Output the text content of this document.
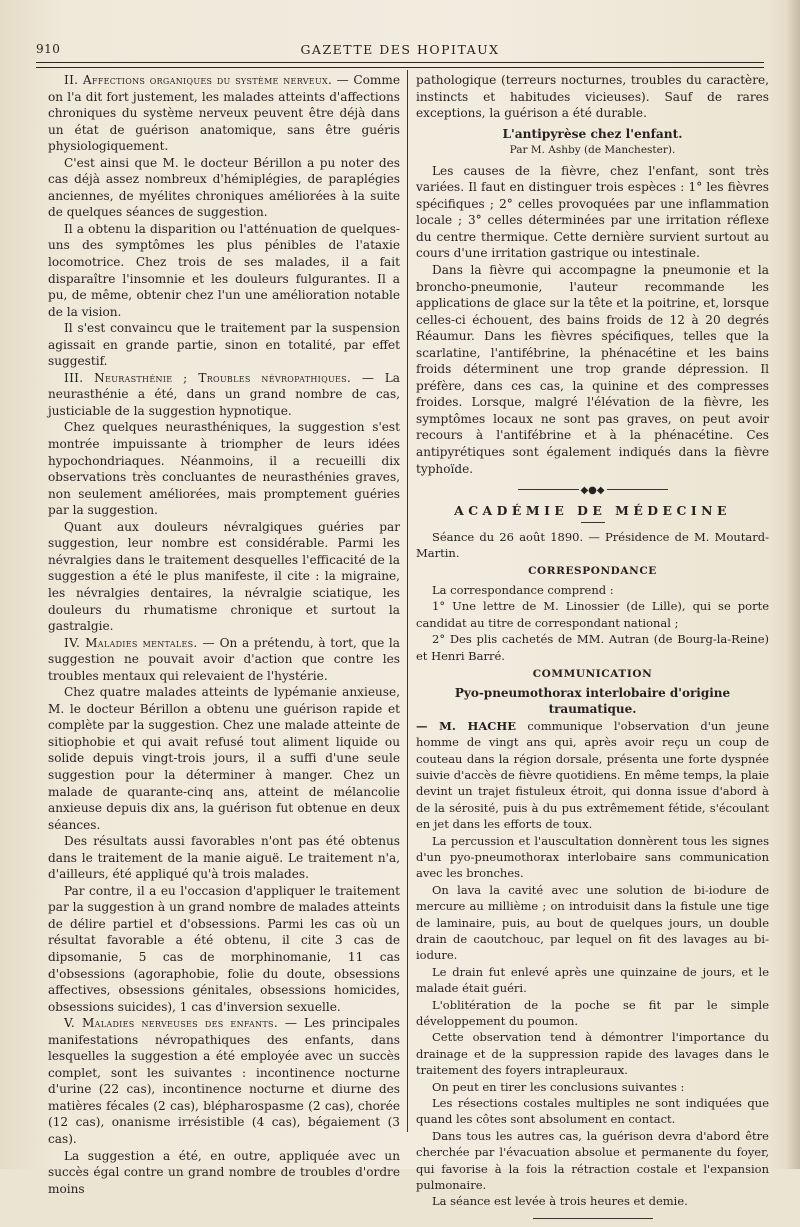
910	GAZETTE DES HOPITAUX

II. Affections organiques du système nerveux. — Comme on l'a dit fort justement, les malades atteints d'affections chroniques du système nerveux peuvent être déjà dans un état de guérison anatomique, sans être guéris physiologiquement.

C'est ainsi que M. le docteur Bérillon a pu noter des cas déjà assez nombreux d'hémiplégies, de paraplégies anciennes, de myélites chroniques améliorées à la suite de quelques séances de suggestion.

Il a obtenu la disparition ou l'atténuation de quelques-uns des symptômes les plus pénibles de l'ataxie locomotrice. Chez trois de ses malades, il a fait disparaître l'insomnie et les douleurs fulgurantes. Il a pu, de même, obtenir chez l'un une amélioration notable de la vision.

Il s'est convaincu que le traitement par la suspension agissait en grande partie, sinon en totalité, par effet suggestif.

III. Neurasthénie ; Troubles névropathiques. — La neurasthénie a été, dans un grand nombre de cas, justiciable de la suggestion hypnotique.

Chez quelques neurasthéniques, la suggestion s'est montrée impuissante à triompher de leurs idées hypochondriaques. Néanmoins, il a recueilli dix observations très concluantes de neurasthénies graves, non seulement améliorées, mais promptement guéries par la suggestion.

Quant aux douleurs névralgiques guéries par suggestion, leur nombre est considérable. Parmi les névralgies dans le traitement desquelles l'efficacité de la suggestion a été le plus manifeste, il cite : la migraine, les névralgies dentaires, la névralgie sciatique, les douleurs du rhumatisme chronique et surtout la gastralgie.

IV. Maladies mentales. — On a prétendu, à tort, que la suggestion ne pouvait avoir d'action que contre les troubles mentaux qui relevaient de l'hystérie.

Chez quatre malades atteints de lypémanie anxieuse, M. le docteur Bérillon a obtenu une guérison rapide et complète par la suggestion. Chez une malade atteinte de sitiophobie et qui avait refusé tout aliment liquide ou solide depuis vingt-trois jours, il a suffi d'une seule suggestion pour la déterminer à manger. Chez un malade de quarante-cinq ans, atteint de mélancolie anxieuse depuis dix ans, la guérison fut obtenue en deux séances.

Des résultats aussi favorables n'ont pas été obtenus dans le traitement de la manie aiguë. Le traitement n'a, d'ailleurs, été appliqué qu'à trois malades.

Par contre, il a eu l'occasion d'appliquer le traitement par la suggestion à un grand nombre de malades atteints de délire partiel et d'obsessions. Parmi les cas où un résultat favorable a été obtenu, il cite 3 cas de dipsomanie, 5 cas de morphinomanie, 11 cas d'obsessions (agoraphobie, folie du doute, obsessions affectives, obsessions génitales, obsessions homicides, obsessions suicides), 1 cas d'inversion sexuelle.

V. Maladies nerveuses des enfants. — Les principales manifestations névropathiques des enfants, dans lesquelles la suggestion a été employée avec un succès complet, sont les suivantes : incontinence nocturne d'urine (22 cas), incontinence nocturne et diurne des matières fécales (2 cas), blépharospasme (2 cas), chorée (12 cas), onanisme irrésistible (4 cas), bégaiement (3 cas).

La suggestion a été, en outre, appliquée avec un succès égal contre un grand nombre de troubles d'ordre moins

pathologique (terreurs nocturnes, troubles du caractère, instincts et habitudes vicieuses). Sauf de rares exceptions, la guérison a été durable.

L'antipyrèse chez l'enfant.
Par M. Ashby (de Manchester).

Les causes de la fièvre, chez l'enfant, sont très variées. Il faut en distinguer trois espèces : 1° les fièvres spécifiques ; 2° celles provoquées par une inflammation locale ; 3° celles déterminées par une irritation réflexe du centre thermique. Cette dernière survient surtout au cours d'une irritation gastrique ou intestinale.

Dans la fièvre qui accompagne la pneumonie et la broncho-pneumonie, l'auteur recommande les applications de glace sur la tête et la poitrine, et, lorsque celles-ci échouent, des bains froids de 12 à 20 degrés Réaumur. Dans les fièvres spécifiques, telles que la scarlatine, l'antifébrine, la phénacétine et les bains froids déterminent une trop grande dépression. Il préfère, dans ces cas, la quinine et des compresses froides. Lorsque, malgré l'élévation de la fièvre, les symptômes locaux ne sont pas graves, on peut avoir recours à l'antifébrine et à la phénacétine. Ces antipyrétiques sont également indiqués dans la fièvre typhoïde.

◆●◆
ACADÉMIE DE MÉDECINE

Séance du 26 août 1890. — Présidence de M. Moutard-Martin.

CORRESPONDANCE

La correspondance comprend :

1° Une lettre de M. Linossier (de Lille), qui se porte candidat au titre de correspondant national ;

2° Des plis cachetés de MM. Autran (de Bourg-la-Reine) et Henri Barré.

COMMUNICATION
Pyo-pneumothorax interlobaire d'origine traumatique.

— M. HACHE communique l'observation d'un jeune homme de vingt ans qui, après avoir reçu un coup de couteau dans la région dorsale, présenta une forte dyspnée suivie d'accès de fièvre quotidiens. En même temps, la plaie devint un trajet fistuleux étroit, qui donna issue d'abord à de la sérosité, puis à du pus extrêmement fétide, s'écoulant en jet dans les efforts de toux.

La percussion et l'auscultation donnèrent tous les signes d'un pyo-pneumothorax interlobaire sans communication avec les bronches.

On lava la cavité avec une solution de bi-iodure de mercure au millième ; on introduisit dans la fistule une tige de laminaire, puis, au bout de quelques jours, un double drain de caoutchouc, par lequel on fit des lavages au bi-iodure.

Le drain fut enlevé après une quinzaine de jours, et le malade était guéri.

L'oblitération de la poche se fit par le simple développement du poumon.

Cette observation tend à démontrer l'importance du drainage et de la suppression rapide des lavages dans le traitement des foyers intrapleuraux.

On peut en tirer les conclusions suivantes :

Les résections costales multiples ne sont indiquées que quand les côtes sont absolument en contact.

Dans tous les autres cas, la guérison devra d'abord être cherchée par l'évacuation absolue et permanente du foyer, qui favorise à la fois la rétraction costale et l'expansion pulmonaire.

La séance est levée à trois heures et demie.
